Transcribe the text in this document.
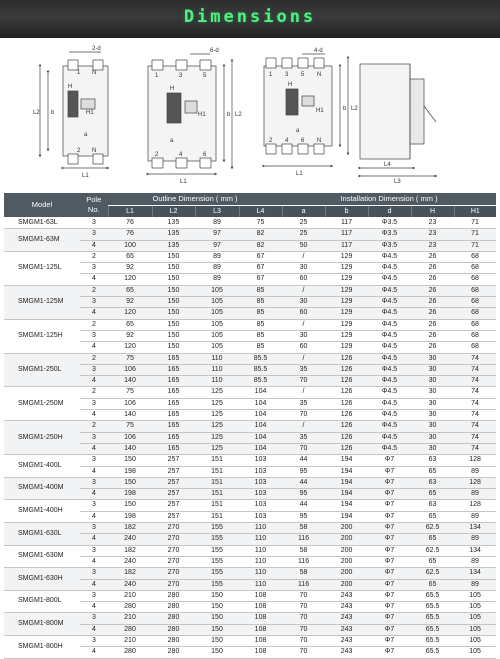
Dimensions
2-d
1 N
2 N
H
H1
b
L2
L1
a
6-d
1	3	5
2	4	6
H
H1	b L2
L1
a
4-d
1 3 5 N
2 4 6 N
H
H1	b L2
L1
a
L4
L3
Model	Pole No.	Outline Dimension ( mm )				Installation Dimension ( mm )				
		L1	L2	L3	L4	a	b	d	H	H1
SMGM1-63L	3	76	135	89	75	25	117	Φ3.5	23	71
SMGM1-63M	3	76	135	97	82	25	117	Φ3.5	23	71
	4	100	135	97	82	50	117	Φ3.5	23	71
SMGM1-125L	2	65	150	89	67	/	129	Φ4.5	26	68
	3	92	150	89	67	30	129	Φ4.5	26	68
	4	120	150	89	67	60	129	Φ4.5	26	68
SMGM1-125M	2	65	150	105	85	/	129	Φ4.5	26	68
	3	92	150	105	85	30	129	Φ4.5	26	68
	4	120	150	105	85	60	129	Φ4.5	26	68
SMGM1-125H	2	65	150	105	85	/	129	Φ4.5	26	68
	3	92	150	105	85	30	129	Φ4.5	26	68
	4	120	150	105	85	60	129	Φ4.5	26	68
SMGM1-250L	2	75	165	110	85.5	/	126	Φ4.5	30	74
	3	106	165	110	85.5	35	126	Φ4.5	30	74
	4	140	165	110	85.5	70	126	Φ4.5	30	74
SMGM1-250M	2	75	165	125	104	/	126	Φ4.5	30	74
	3	106	165	125	104	35	126	Φ4.5	30	74
	4	140	165	125	104	70	126	Φ4.5	30	74
SMGM1-250H	2	75	165	125	104	/	126	Φ4.5	30	74
	3	106	165	125	104	35	126	Φ4.5	30	74
	4	140	165	125	104	70	126	Φ4.5	30	74
SMGM1-400L	3	150	257	151	103	44	194	Φ7	63	128
	4	198	257	151	103	95	194	Φ7	65	89
SMGM1-400M	3	150	257	151	103	44	194	Φ7	63	128
	4	198	257	151	103	95	194	Φ7	65	89
SMGM1-400H	3	150	257	151	103	44	194	Φ7	63	128
	4	198	257	151	103	95	194	Φ7	65	89
SMGM1-630L	3	182	270	155	110	58	200	Φ7	62.5	134
	4	240	270	155	110	116	200	Φ7	65	89
SMGM1-630M	3	182	270	155	110	58	200	Φ7	62.5	134
	4	240	270	155	110	116	200	Φ7	65	89
SMGM1-630H	3	182	270	155	110	58	200	Φ7	62.5	134
	4	240	270	155	110	116	200	Φ7	65	89
SMGM1-800L	3	210	280	150	108	70	243	Φ7	65.5	105
	4	280	280	150	108	70	243	Φ7	65.5	105
SMGM1-800M	3	210	280	150	108	70	243	Φ7	65.5	105
	4	280	280	150	108	70	243	Φ7	65.5	105
SMGM1-800H	3	210	280	150	108	70	243	Φ7	65.5	105
	4	280	280	150	108	70	243	Φ7	65.5	105
